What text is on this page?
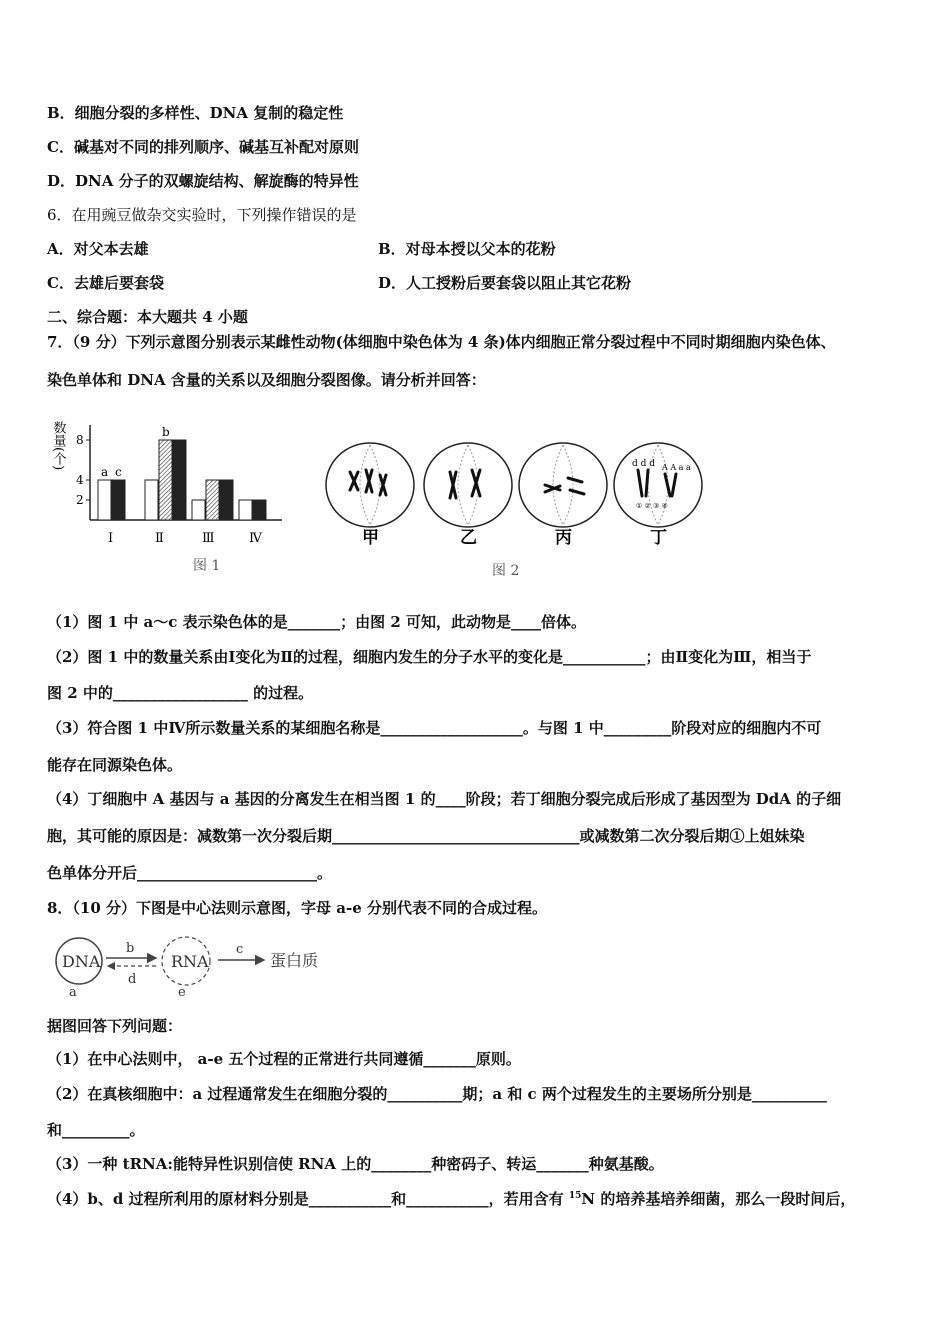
B．细胞分裂的多样性、DNA 复制的稳定性
C．碱基对不同的排列顺序、碱基互补配对原则
D．DNA 分子的双螺旋结构、解旋酶的特异性
6．在用豌豆做杂交实验时，下列操作错误的是
A．对父本去雄	B．对母本授以父本的花粉
C．去雄后要套袋	D．人工授粉后要套袋以阻止其它花粉
二、综合题：本大题共 4 小题
7．（9 分）下列示意图分别表示某雌性动物(体细胞中染色体为 4 条)体内细胞正常分裂过程中不同时期细胞内染色体、
染色单体和 DNA 含量的关系以及细胞分裂图像。请分析并回答：
数量(个)
2
4
8
a c
Ⅰ
b
Ⅱ	Ⅲ	Ⅳ
图 1
d d d A A a a
① ② ③ ④
甲	乙	丙	丁
图 2
（1）图 1 中 a～c 表示染色体的是_______；由图 2 可知，此动物是____倍体。
（2）图 1 中的数量关系由Ⅰ变化为Ⅱ的过程，细胞内发生的分子水平的变化是___________；由Ⅱ变化为Ⅲ，相当于
图 2 中的__________________ 的过程。
（3）符合图 1 中Ⅳ所示数量关系的某细胞名称是___________________。与图 1 中_________阶段对应的细胞内不可
能存在同源染色体。
（4）丁细胞中 A 基因与 a 基因的分离发生在相当图 1 的____阶段；若丁细胞分裂完成后形成了基因型为 DdA 的子细
胞，其可能的原因是：减数第一次分裂后期_________________________________或减数第二次分裂后期①上姐妹染
色单体分开后________________________。
8．（10 分）下图是中心法则示意图，字母 a-e 分别代表不同的合成过程。
DNA
a
b
d
RNA
e
c
蛋白质
据图回答下列问题：
（1）在中心法则中， a-e 五个过程的正常进行共同遵循_______原则。
（2）在真核细胞中：a 过程通常发生在细胞分裂的__________期；a 和 c 两个过程发生的主要场所分别是__________
和_________。
（3）一种 tRNA:能特异性识别信使 RNA 上的________种密码子、转运_______种氨基酸。
（4）b、d 过程所利用的原材料分别是___________和___________，若用含有 $^{15}$N 的培养基培养细菌，那么一段时间后，
